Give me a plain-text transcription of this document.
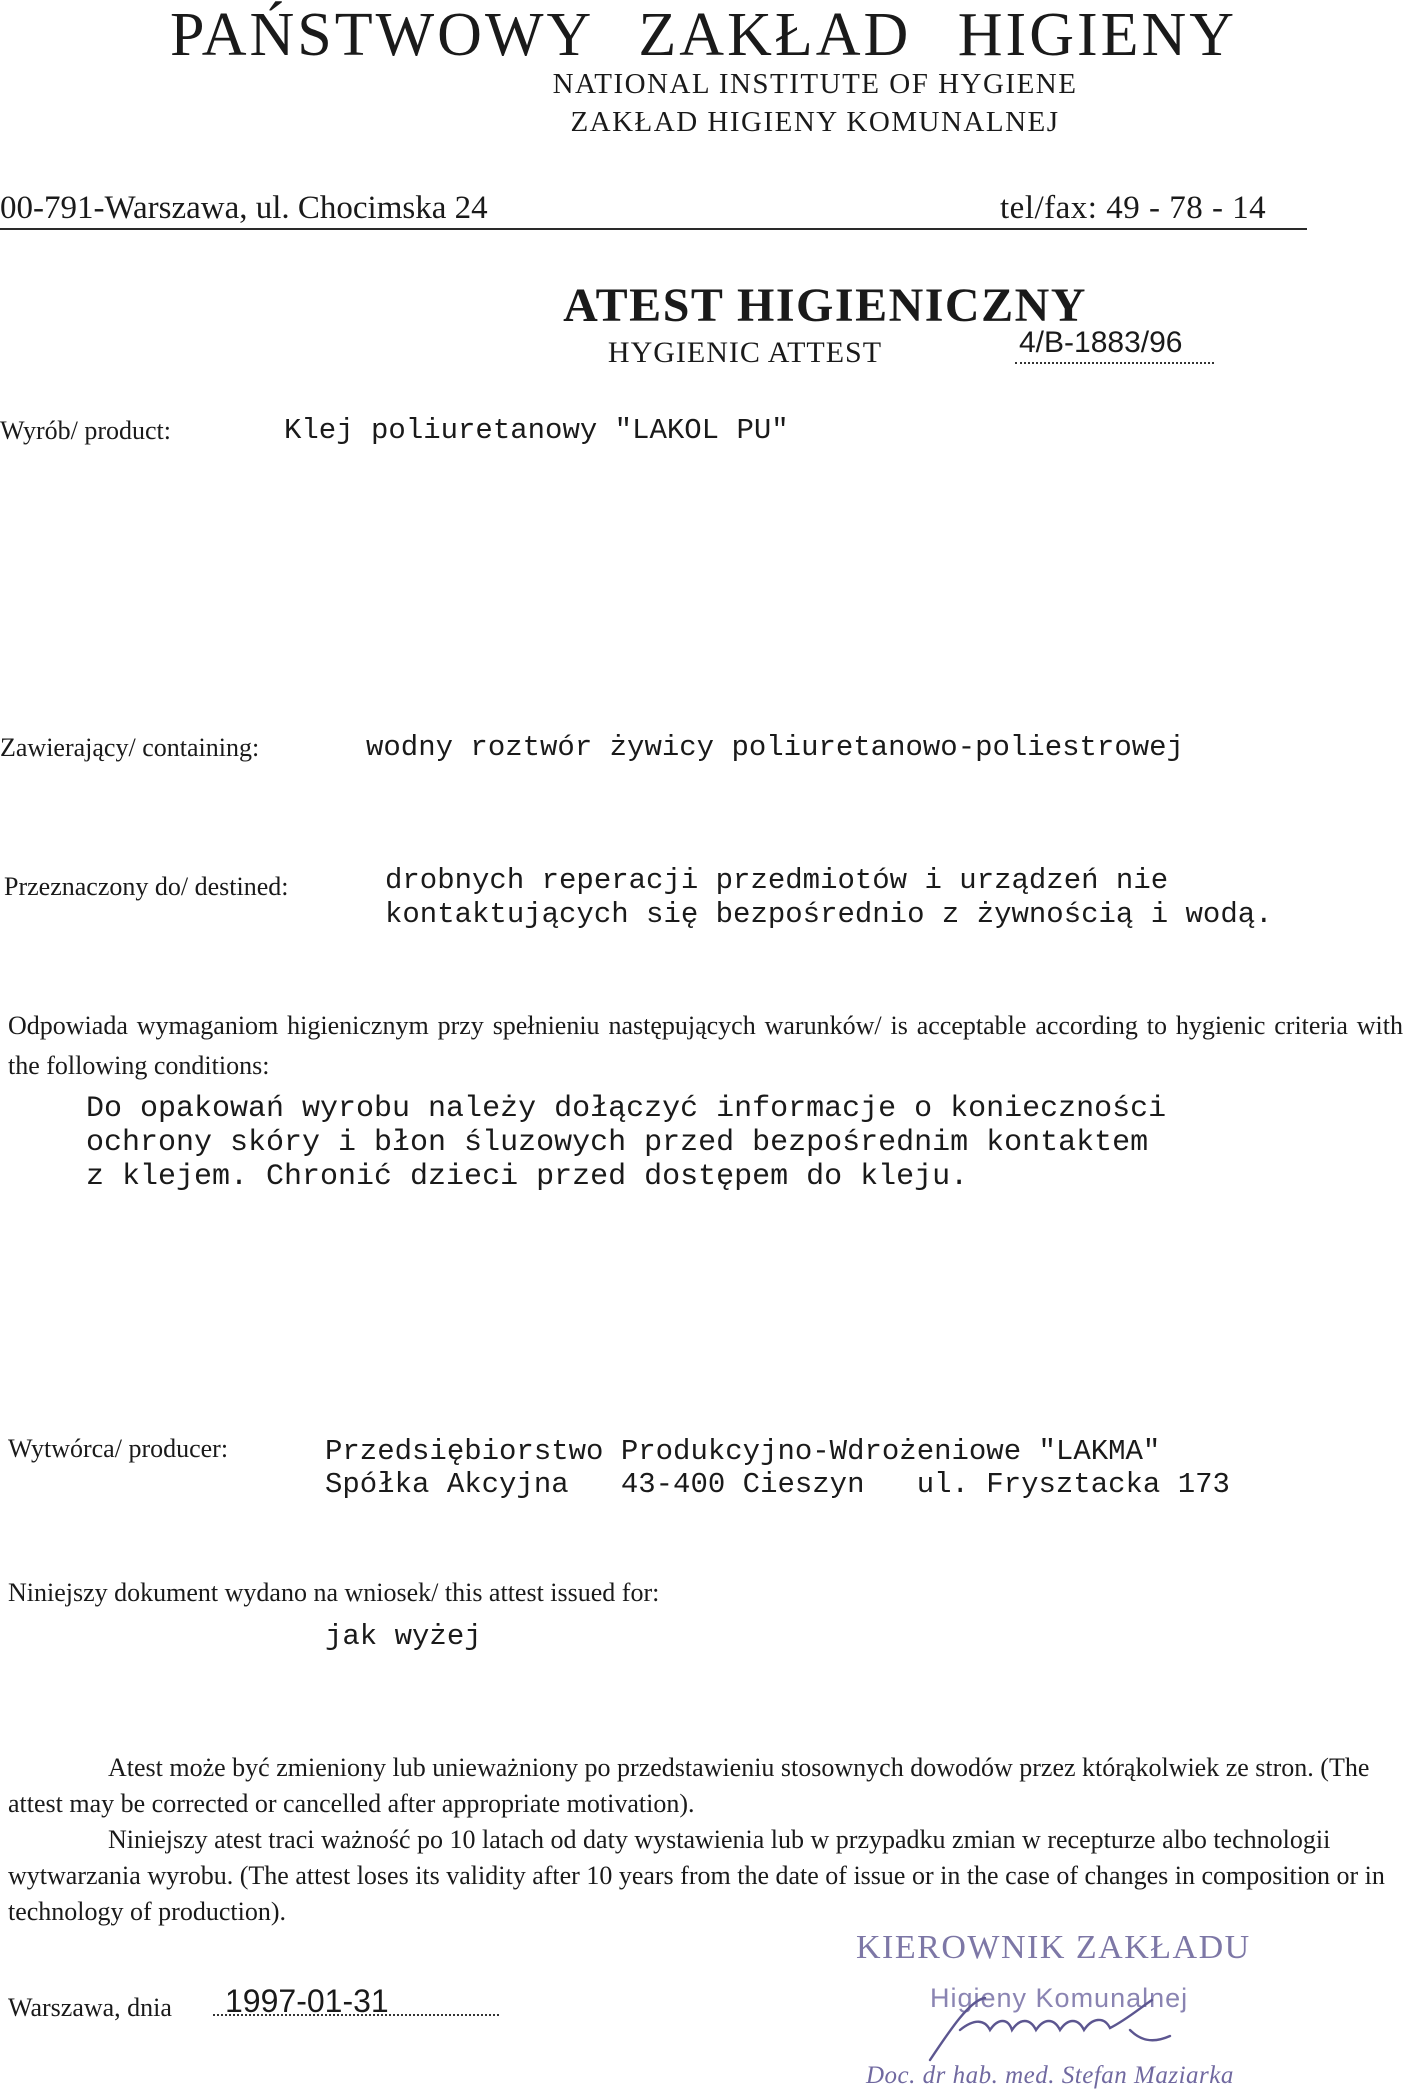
PAŃSTWOWY ZAKŁAD HIGIENY
NATIONAL INSTITUTE OF HYGIENE
ZAKŁAD HIGIENY KOMUNALNEJ
00-791-Warszawa, ul. Chocimska 24	tel/fax: 49 - 78 - 14
ATEST HIGIENICZNY
HYGIENIC ATTEST	4/B-1883/96
Wyrób/ product:	Klej poliuretanowy "LAKOL PU"
Zawierający/ containing:	wodny roztwór żywicy poliuretanowo-poliestrowej
Przeznaczony do/ destined:	drobnych reperacji przedmiotów i urządzeń nie
kontaktujących się bezpośrednio z żywnością i wodą.
Odpowiada wymaganiom higienicznym przy spełnieniu następujących warunków/ is acceptable according to hygienic criteria with the following conditions:
Do opakowań wyrobu należy dołączyć informacje o konieczności
ochrony skóry i błon śluzowych przed bezpośrednim kontaktem
z klejem. Chronić dzieci przed dostępem do kleju.
Wytwórca/ producer:	Przedsiębiorstwo Produkcyjno-Wdrożeniowe "LAKMA"
Spółka Akcyjna   43-400 Cieszyn   ul. Frysztacka 173
Niniejszy dokument wydano na wniosek/ this attest issued for:
jak wyżej
Atest może być zmieniony lub unieważniony po przedstawieniu stosownych dowodów przez którąkolwiek ze stron. (The attest may be corrected or cancelled after appropriate motivation).
Niniejszy atest traci ważność po 10 latach od daty wystawienia lub w przypadku zmian w recepturze albo technologii wytwarzania wyrobu. (The attest loses its validity after 10 years from the date of issue or in the case of changes in composition or in technology of production).
Warszawa, dnia 1997-01-31
KIEROWNIK ZAKŁADU
Higieny Komunalnej
Doc. dr hab. med. Stefan Maziarka
